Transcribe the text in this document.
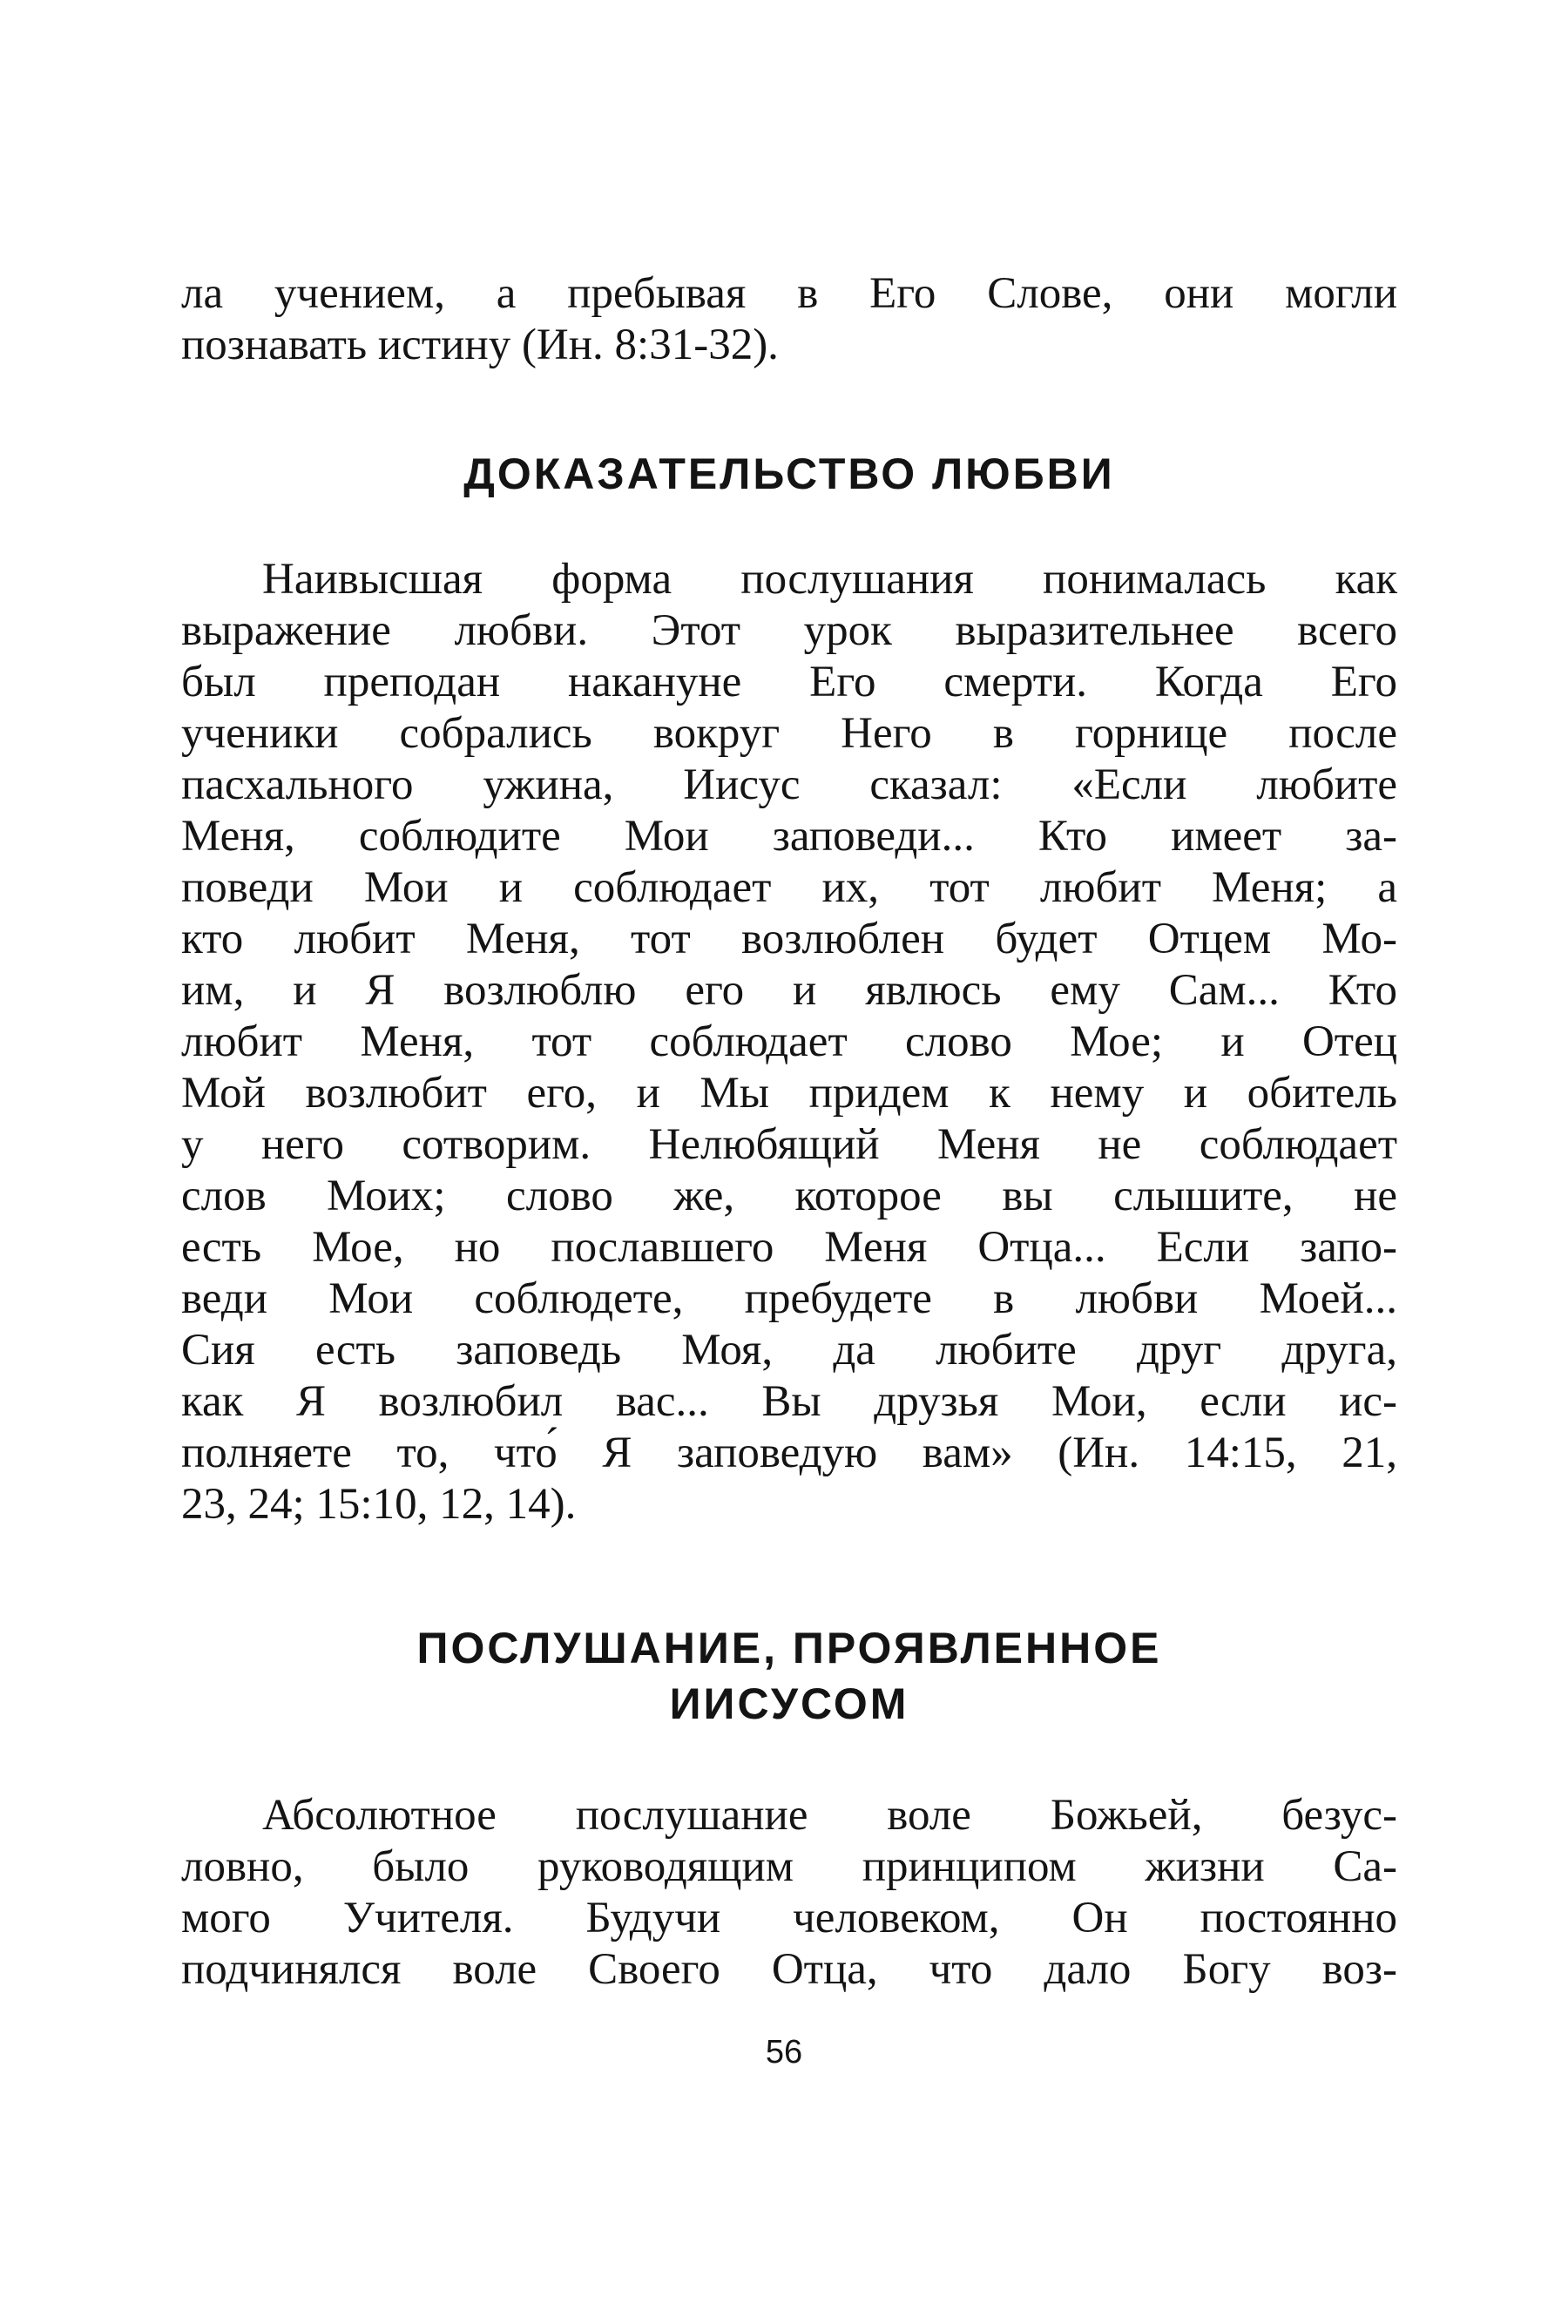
ла учением, а пребывая в Его Слове, они могли
познавать истину (Ин. 8:31-32).
ДОКАЗАТЕЛЬСТВО ЛЮБВИ
Наивысшая форма послушания понималась как
выражение любви. Этот урок выразительнее всего
был преподан накануне Его смерти. Когда Его
ученики собрались вокруг Него в горнице после
пасхального ужина, Иисус сказал: «Если любите
Меня, соблюдите Мои заповеди... Кто имеет за-
поведи Мои и соблюдает их, тот любит Меня; а
кто любит Меня, тот возлюблен будет Отцем Мо-
им, и Я возлюблю его и явлюсь ему Сам... Кто
любит Меня, тот соблюдает слово Мое; и Отец
Мой возлюбит его, и Мы придем к нему и обитель
у него сотворим. Нелюбящий Меня не соблюдает
слов Моих; слово же, которое вы слышите, не
есть Мое, но пославшего Меня Отца... Если запо-
веди Мои соблюдете, пребудете в любви Моей...
Сия есть заповедь Моя, да любите друг друга,
как Я возлюбил вас... Вы друзья Мои, если ис-
полняете то, что́ Я заповедую вам» (Ин. 14:15, 21,
23, 24; 15:10, 12, 14).
ПОСЛУШАНИЕ, ПРОЯВЛЕННОЕ
ИИСУСОМ
Абсолютное послушание воле Божьей, безус-
ловно, было руководящим принципом жизни Са-
мого Учителя. Будучи человеком, Он постоянно
подчинялся воле Своего Отца, что дало Богу воз-
56
